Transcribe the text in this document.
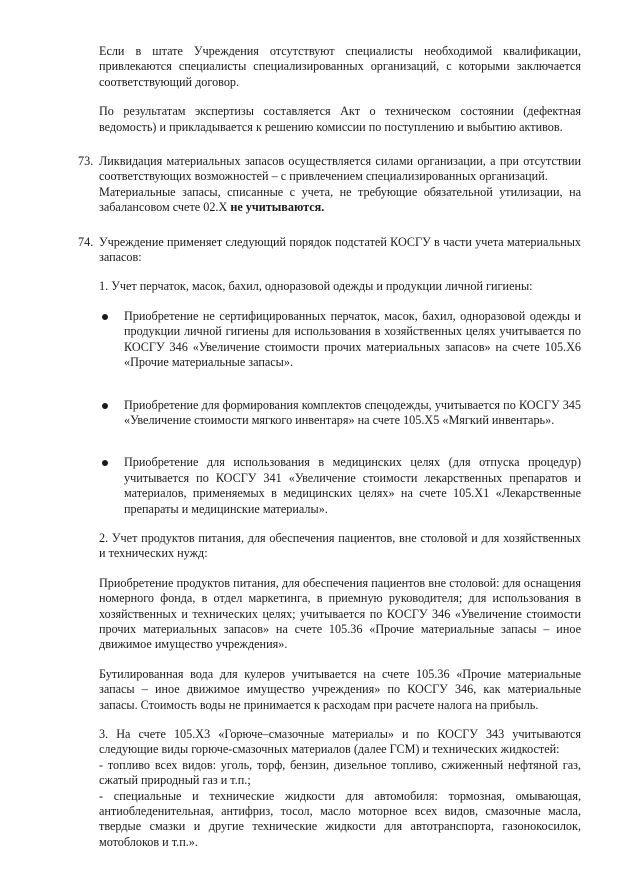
Если в штате Учреждения отсутствуют специалисты необходимой квалификации, привлекаются специалисты специализированных организаций, с которыми заключается соответствующий договор.

По результатам экспертизы составляется Акт о техническом состоянии (дефектная ведомость) и прикладывается к решению комиссии по поступлению и выбытию активов.

73. Ликвидация материальных запасов осуществляется силами организации, а при отсутствии соответствующих возможностей – с привлечением специализированных организаций.

Материальные запасы, списанные с учета, не требующие обязательной утилизации, на забалансовом счете 02.Х не учитываются.

74. Учреждение применяет следующий порядок подстатей КОСГУ в части учета материальных запасов:

1. Учет перчаток, масок, бахил, одноразовой одежды и продукции личной гигиены:

Приобретение не сертифицированных перчаток, масок, бахил, одноразовой одежды и продукции личной гигиены для использования в хозяйственных целях учитывается по КОСГУ 346 «Увеличение стоимости прочих материальных запасов» на счете 105.Х6 «Прочие материальные запасы».
Приобретение для формирования комплектов спецодежды, учитывается по КОСГУ 345 «Увеличение стоимости мягкого инвентаря» на счете 105.Х5 «Мягкий инвентарь».
Приобретение для использования в медицинских целях (для отпуска процедур) учитывается по КОСГУ 341 «Увеличение стоимости лекарственных препаратов и материалов, применяемых в медицинских целях» на счете 105.Х1 «Лекарственные препараты и медицинские материалы».

2. Учет продуктов питания, для обеспечения пациентов, вне столовой и для хозяйственных и технических нужд:

Приобретение продуктов питания, для обеспечения пациентов вне столовой: для оснащения номерного фонда, в отдел маркетинга, в приемную руководителя; для использования в хозяйственных и технических целях; учитывается по КОСГУ 346 «Увеличение стоимости прочих материальных запасов» на счете 105.36 «Прочие материальные запасы – иное движимое имущество учреждения».

Бутилированная вода для кулеров учитывается на счете 105.36 «Прочие материальные запасы – иное движимое имущество учреждения» по КОСГУ 346, как материальные запасы. Стоимость воды не принимается к расходам при расчете налога на прибыль.

3. На счете 105.Х3 «Горюче–смазочные материалы» и по КОСГУ 343 учитываются следующие виды горюче-смазочных материалов (далее ГСМ) и технических жидкостей:

- топливо всех видов: уголь, торф, бензин, дизельное топливо, сжиженный нефтяной газ, сжатый природный газ и т.п.;

- специальные и технические жидкости для автомобиля: тормозная, омывающая, антиобледенительная, антифриз, тосол, масло моторное всех видов, смазочные масла, твердые смазки и другие технические жидкости для автотранспорта, газонокосилок, мотоблоков и т.п.».
